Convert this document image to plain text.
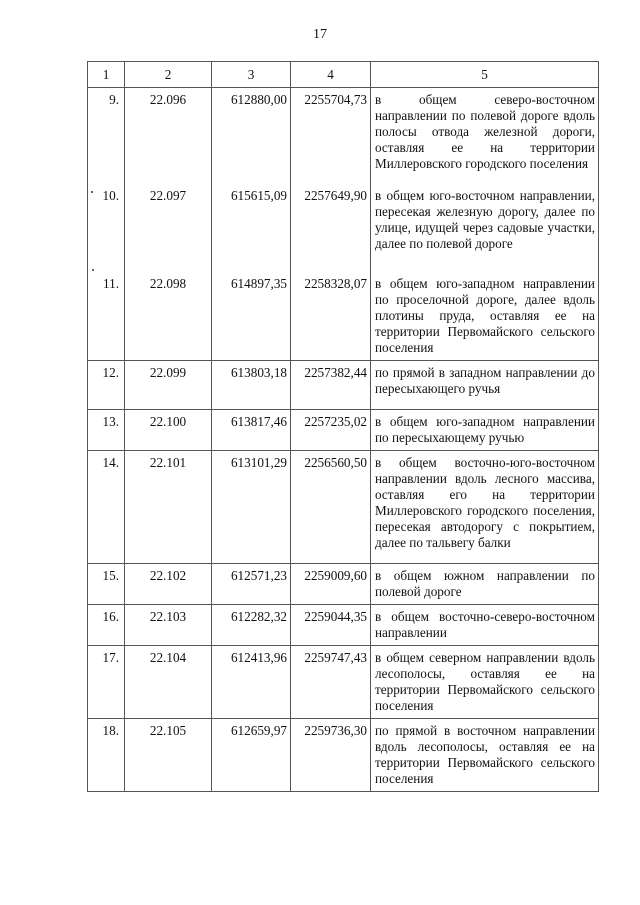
17
1	2	3	4	5
9.	22.096	612880,00	2255704,73	в общем северо-восточном направлении по полевой дороге вдоль полосы отвода железной дороги, оставляя ее на территории Миллеровского городского поселения
10.	22.097	615615,09	2257649,90	в общем юго-восточном направлении, пересекая железную дорогу, далее по улице, идущей через садовые участки, далее по полевой дороге
11.	22.098	614897,35	2258328,07	в общем юго-западном направлении по проселочной дороге, далее вдоль плотины пруда, оставляя ее на территории Первомайского сельского поселения
12.	22.099	613803,18	2257382,44	по прямой в западном направлении до пересыхающего ручья
13.	22.100	613817,46	2257235,02	в общем юго-западном направлении по пересыхающему ручью
14.	22.101	613101,29	2256560,50	в общем восточно-юго-восточном направлении вдоль лесного массива, оставляя его на территории Миллеровского городского поселения, пересекая автодорогу с покрытием, далее по тальвегу балки
15.	22.102	612571,23	2259009,60	в общем южном направлении по полевой дороге
16.	22.103	612282,32	2259044,35	в общем восточно-северо-восточном направлении
17.	22.104	612413,96	2259747,43	в общем северном направлении вдоль лесополосы, оставляя ее на территории Первомайского сельского поселения
18.	22.105	612659,97	2259736,30	по прямой в восточном направлении вдоль лесополосы, оставляя ее на территории Первомайского сельского поселения
